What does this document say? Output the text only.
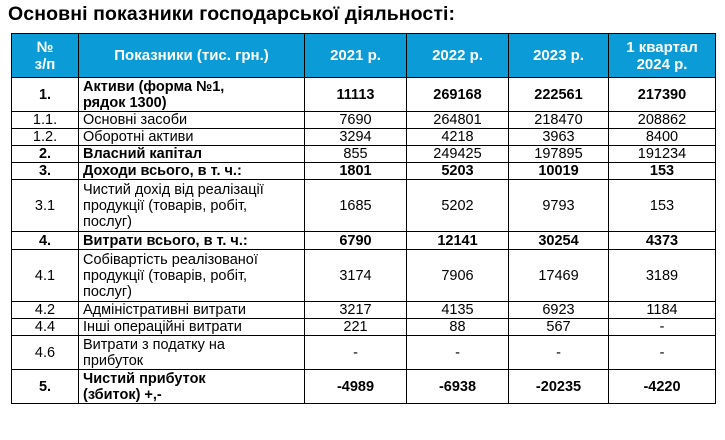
Основні показники господарської діяльності:
№
з/п	Показники (тис. грн.)	2021 р.	2022 р.	2023 р.	1 квартал
2024 р.
1.	Активи (форма №1,
рядок 1300)	11113	269168	222561	217390
1.1.	Основні засоби	7690	264801	218470	208862
1.2.	Оборотні активи	3294	4218	3963	8400
2.	Власний капітал	855	249425	197895	191234
3.	Доходи всього, в т. ч.:	1801	5203	10019	153
3.1	Чистий дохід від реалізації
продукції (товарів, робіт,
послуг)	1685	5202	9793	153
4.	Витрати всього, в т. ч.:	6790	12141	30254	4373
4.1	Собівартість реалізованої
продукції (товарів, робіт,
послуг)	3174	7906	17469	3189
4.2	Адміністративні витрати	3217	4135	6923	1184
4.4	Інші операційні витрати	221	88	567	-
4.6	Витрати з податку на
прибуток	-	-	-	-
5.	Чистий прибуток
(збиток) +,-	-4989	-6938	-20235	-4220
